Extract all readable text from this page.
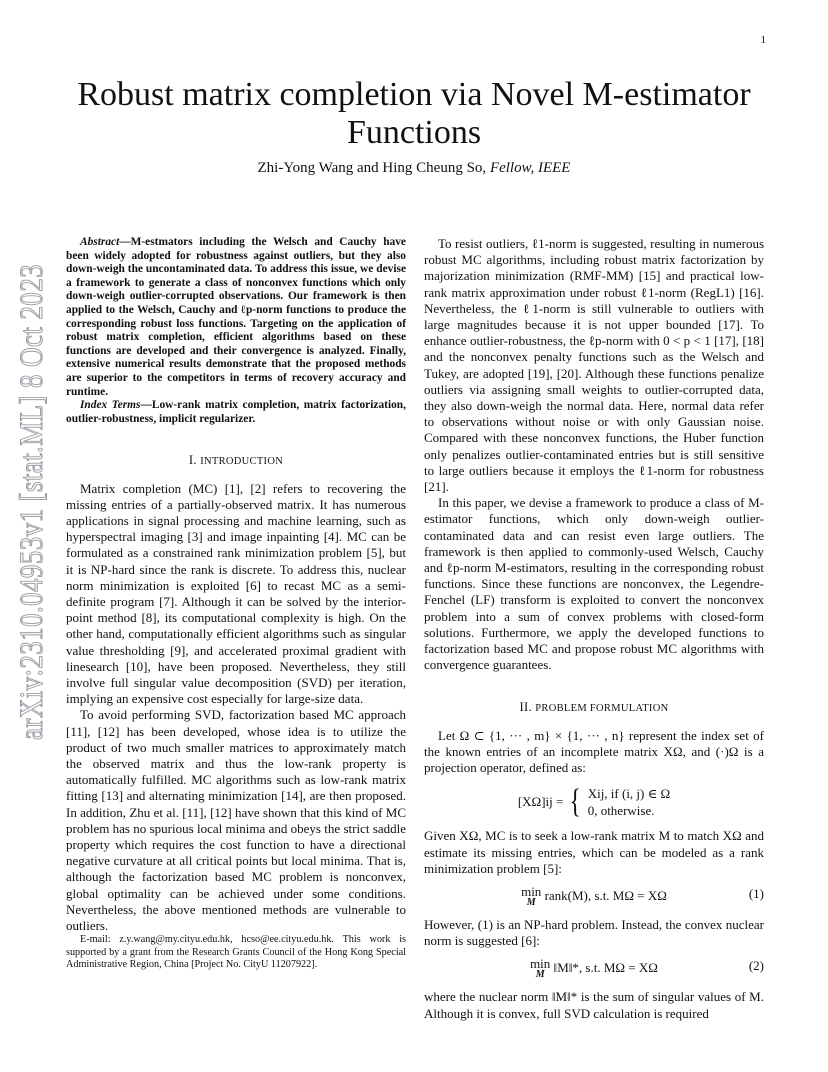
1
Robust matrix completion via Novel M-estimator Functions
Zhi-Yong Wang and Hing Cheung So, Fellow, IEEE
arXiv:2310.04953v1 [stat.ML] 8 Oct 2023	Abstract—M-estmators including the Welsch and Cauchy have been widely adopted for robustness against outliers, but they also down-weigh the uncontaminated data. To address this issue, we devise a framework to generate a class of nonconvex functions which only down-weigh outlier-corrupted observations. Our framework is then applied to the Welsch, Cauchy and ℓp-norm functions to produce the corresponding robust loss functions. Targeting on the application of robust matrix completion, efficient algorithms based on these functions are developed and their convergence is analyzed. Finally, extensive numerical results demonstrate that the proposed methods are superior to the competitors in terms of recovery accuracy and runtime.

Index Terms—Low-rank matrix completion, matrix factorization, outlier-robustness, implicit regularizer.

I. INTRODUCTION

Matrix completion (MC) [1], [2] refers to recovering the missing entries of a partially-observed matrix. It has numerous applications in signal processing and machine learning, such as hyperspectral imaging [3] and image inpainting [4]. MC can be formulated as a constrained rank minimization problem [5], but it is NP-hard since the rank is discrete. To address this, nuclear norm minimization is exploited [6] to recast MC as a semi-definite program [7]. Although it can be solved by the interior-point method [8], its computational complexity is high. On the other hand, computationally efficient algorithms such as singular value thresholding [9], and accelerated proximal gradient with linesearch [10], have been proposed. Nevertheless, they still involve full singular value decomposition (SVD) per iteration, implying an expensive cost especially for large-size data.

To avoid performing SVD, factorization based MC approach [11], [12] has been developed, whose idea is to utilize the product of two much smaller matrices to approximately match the observed matrix and thus the low-rank property is automatically fulfilled. MC algorithms such as low-rank matrix fitting [13] and alternating minimization [14], are then proposed. In addition, Zhu et al. [11], [12] have shown that this kind of MC problem has no spurious local minima and obeys the strict saddle property which requires the cost function to have a directional negative curvature at all critical points but local minima. That is, although the factorization based MC problem is nonconvex, global optimality can be achieved under some conditions. Nevertheless, the above mentioned methods are vulnerable to outliers.

E-mail: z.y.wang@my.cityu.edu.hk, hcso@ee.cityu.edu.hk. This work is supported by a grant from the Research Grants Council of the Hong Kong Special Administrative Region, China [Project No. CityU 11207922].

To resist outliers, ℓ1-norm is suggested, resulting in numerous robust MC algorithms, including robust matrix factorization by majorization minimization (RMF-MM) [15] and practical low-rank matrix approximation under robust ℓ1-norm (RegL1) [16]. Nevertheless, the ℓ1-norm is still vulnerable to outliers with large magnitudes because it is not upper bounded [17]. To enhance outlier-robustness, the ℓp-norm with 0 < p < 1 [17], [18] and the nonconvex penalty functions such as the Welsch and Tukey, are adopted [19], [20]. Although these functions penalize outliers via assigning small weights to outlier-corrupted data, they also down-weigh the normal data. Here, normal data refer to observations without noise or with only Gaussian noise. Compared with these nonconvex functions, the Huber function only penalizes outlier-contaminated entries but is still sensitive to large outliers because it employs the ℓ1-norm for robustness [21].

In this paper, we devise a framework to produce a class of M-estimator functions, which only down-weigh outlier-contaminated data and can resist even large outliers. The framework is then applied to commonly-used Welsch, Cauchy and ℓp-norm M-estimators, resulting in the corresponding robust functions. Since these functions are nonconvex, the Legendre-Fenchel (LF) transform is exploited to convert the nonconvex problem into a sum of convex problems with closed-form solutions. Furthermore, we apply the developed functions to factorization based MC and propose robust MC algorithms with convergence guarantees.

II. PROBLEM FORMULATION

Let Ω ⊂ {1, ··· , m} × {1, ··· , n} represent the index set of the known entries of an incomplete matrix XΩ, and (·)Ω is a projection operator, defined as:

[XΩ]ij = { Xij, if (i, j) ∈ Ω
0, otherwise.

Given XΩ, MC is to seek a low-rank matrix M to match XΩ and estimate its missing entries, which can be modeled as a rank minimization problem [5]:

min
M rank(M), s.t. MΩ = XΩ	(1)

However, (1) is an NP-hard problem. Instead, the convex nuclear norm is suggested [6]:

min
M ‖M‖*, s.t. MΩ = XΩ	(2)

where the nuclear norm ‖M‖* is the sum of singular values of M. Although it is convex, full SVD calculation is required
